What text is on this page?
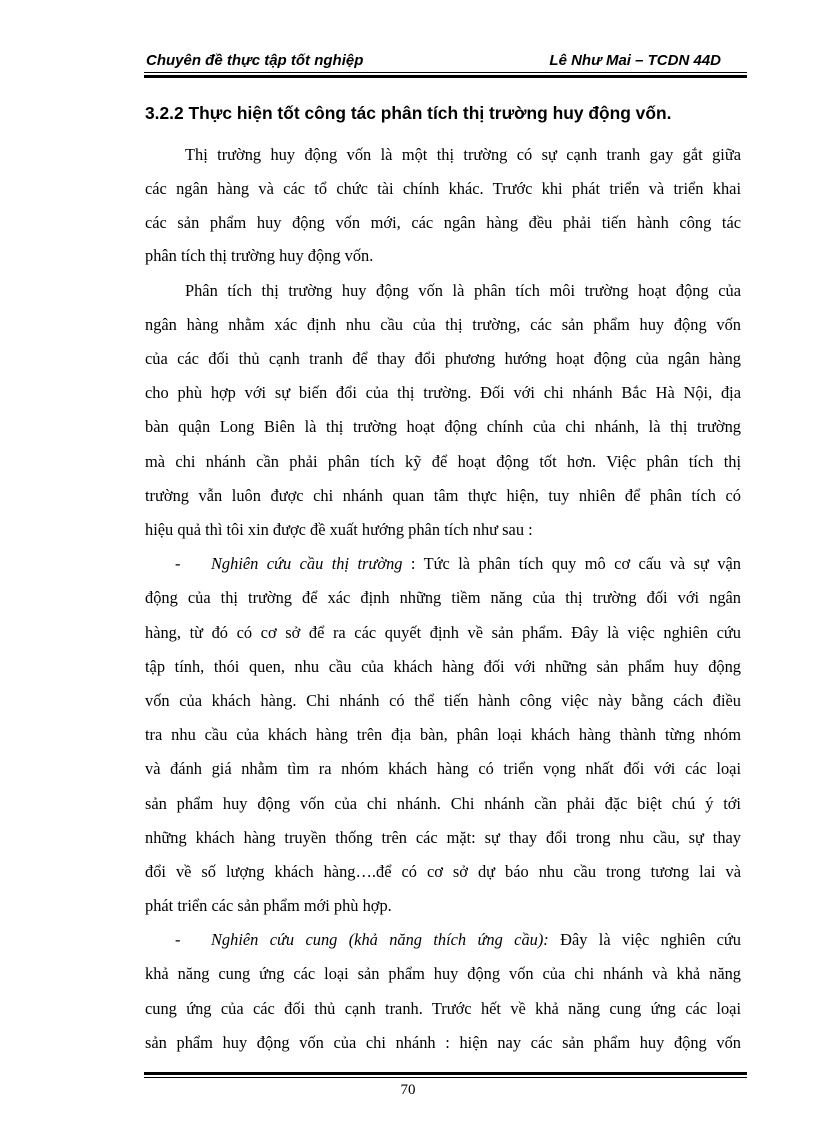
Chuyên đề thực tập tốt nghiệp	Lê Như Mai – TCDN 44D
3.2.2 Thực hiện tốt công tác phân tích thị trường huy động vốn.
Thị trường huy động vốn là một thị trường có sự cạnh tranh gay gắt giữa
các ngân hàng và các tổ chức tài chính khác. Trước khi phát triển và triển khai
các sản phẩm huy động vốn mới, các ngân hàng đều phải tiến hành công tác
phân tích thị trường huy động vốn.
Phân tích thị trường huy động vốn là phân tích môi trường hoạt động của
ngân hàng nhằm xác định nhu cầu của thị trường, các sản phẩm huy động vốn
của các đối thủ cạnh tranh để thay đổi phương hướng hoạt động của ngân hàng
cho phù hợp với sự biến đổi của thị trường. Đối với chi nhánh Bắc Hà Nội, địa
bàn quận Long Biên là thị trường hoạt động chính của chi nhánh, là thị trường
mà chi nhánh cần phải phân tích kỹ để hoạt động tốt hơn. Việc phân tích thị
trường vẫn luôn được chi nhánh quan tâm thực hiện, tuy nhiên để phân tích có
hiệu quả thì tôi xin được đề xuất hướng phân tích như sau :
- Nghiên cứu cầu thị trường : Tức là phân tích quy mô cơ cấu và sự vận
động của thị trường để xác định những tiềm năng của thị trường đối với ngân
hàng, từ đó có cơ sở để ra các quyết định về sản phẩm. Đây là việc nghiên cứu
tập tính, thói quen, nhu cầu của khách hàng đối với những sản phẩm huy động
vốn của khách hàng. Chi nhánh có thể tiến hành công việc này bằng cách điều
tra nhu cầu của khách hàng trên địa bàn, phân loại khách hàng thành từng nhóm
và đánh giá nhằm tìm ra nhóm khách hàng có triển vọng nhất đối với các loại
sản phẩm huy động vốn của chi nhánh. Chi nhánh cần phải đặc biệt chú ý tới
những khách hàng truyền thống trên các mặt: sự thay đổi trong nhu cầu, sự thay
đổi về số lượng khách hàng….để có cơ sở dự báo nhu cầu trong tương lai và
phát triển các sản phẩm mới phù hợp.
- Nghiên cứu cung (khả năng thích ứng cầu): Đây là việc nghiên cứu
khả năng cung ứng các loại sản phẩm huy động vốn của chi nhánh và khả năng
cung ứng của các đối thủ cạnh tranh. Trước hết về khả năng cung ứng các loại
sản phẩm huy động vốn của chi nhánh : hiện nay các sản phẩm huy động vốn
70
